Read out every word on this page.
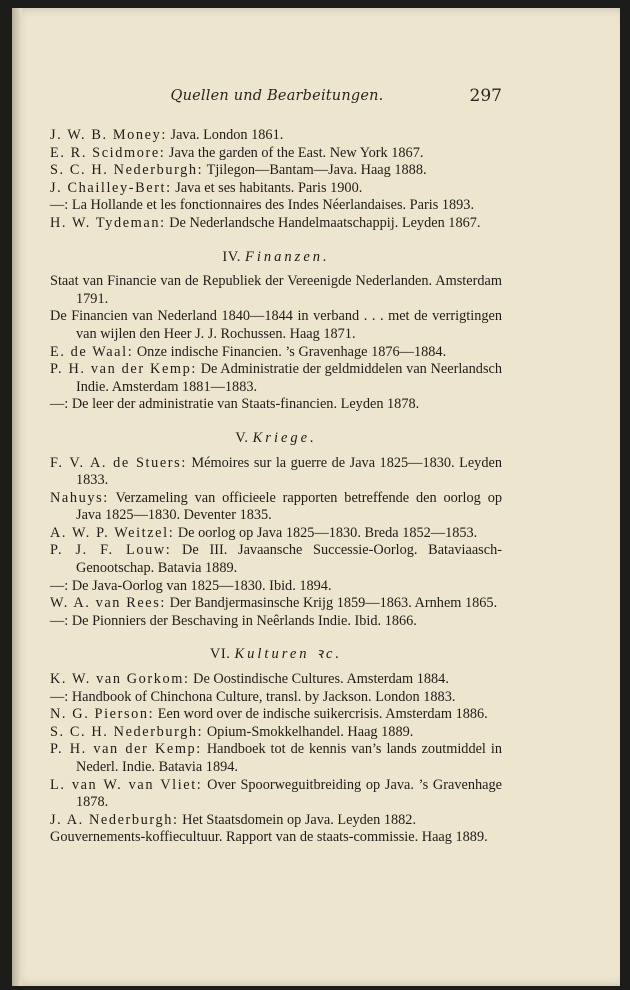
Quellen und Bearbeitungen.	297
J. W. B. Money: Java. London 1861.
E. R. Scidmore: Java the garden of the East. New York 1867.
S. C. H. Nederburgh: Tjilegon—Bantam—Java. Haag 1888.
J. Chailley-Bert: Java et ses habitants. Paris 1900.
—: La Hollande et les fonctionnaires des Indes Néerlandaises. Paris 1893.
H. W. Tydeman: De Nederlandsche Handelmaatschappij. Leyden 1867.
IV. Finanzen.
Staat van Financie van de Republiek der Vereenigde Nederlanden. Amsterdam 1791.
De Financien van Nederland 1840—1844 in verband . . . met de verrigtingen van wijlen den Heer J. J. Rochussen. Haag 1871.
E. de Waal: Onze indische Financien. ’s Gravenhage 1876—1884.
P. H. van der Kemp: De Administratie der geldmiddelen van Neerlandsch Indie. Amsterdam 1881—1883.
—: De leer der administratie van Staats-financien. Leyden 1878.
V. Kriege.
F. V. A. de Stuers: Mémoires sur la guerre de Java 1825—1830. Leyden 1833.
Nahuys: Verzameling van officieele rapporten betreffende den oorlog op Java 1825—1830. Deventer 1835.
A. W. P. Weitzel: De oorlog op Java 1825—1830. Breda 1852—1853.
P. J. F. Louw: De III. Javaansche Successie-Oorlog. Bataviaasch-Genootschap. Batavia 1889.
—: De Java-Oorlog van 1825—1830. Ibid. 1894.
W. A. van Rees: Der Bandjermasinsche Krijg 1859—1863. Arnhem 1865.
—: De Pionniers der Beschaving in Neêrlands Indie. Ibid. 1866.
VI. Kulturen ꝛc.
K. W. van Gorkom: De Oostindische Cultures. Amsterdam 1884.
—: Handbook of Chinchona Culture, transl. by Jackson. London 1883.
N. G. Pierson: Een word over de indische suikercrisis. Amsterdam 1886.
S. C. H. Nederburgh: Opium-Smokkelhandel. Haag 1889.
P. H. van der Kemp: Handboek tot de kennis van’s lands zoutmiddel in Nederl. Indie. Batavia 1894.
L. van W. van Vliet: Over Spoorweguitbreiding op Java. ’s Gravenhage 1878.
J. A. Nederburgh: Het Staatsdomein op Java. Leyden 1882.
Gouvernements-koffiecultuur. Rapport van de staats-commissie. Haag 1889.
